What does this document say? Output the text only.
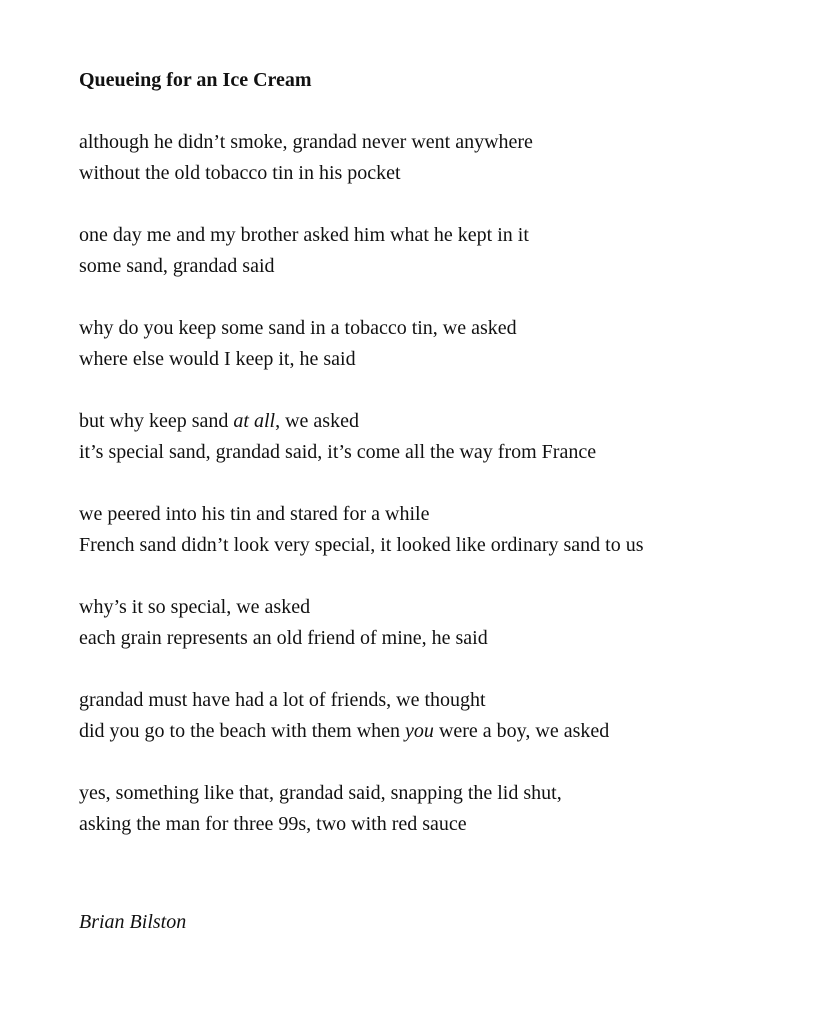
Queueing for an Ice Cream
although he didn’t smoke, grandad never went anywhere
without the old tobacco tin in his pocket
one day me and my brother asked him what he kept in it
some sand, grandad said
why do you keep some sand in a tobacco tin, we asked
where else would I keep it, he said
but why keep sand at all, we asked
it’s special sand, grandad said, it’s come all the way from France
we peered into his tin and stared for a while
French sand didn’t look very special, it looked like ordinary sand to us
why’s it so special, we asked
each grain represents an old friend of mine, he said
grandad must have had a lot of friends, we thought
did you go to the beach with them when you were a boy, we asked
yes, something like that, grandad said, snapping the lid shut,
asking the man for three 99s, two with red sauce

Brian Bilston
